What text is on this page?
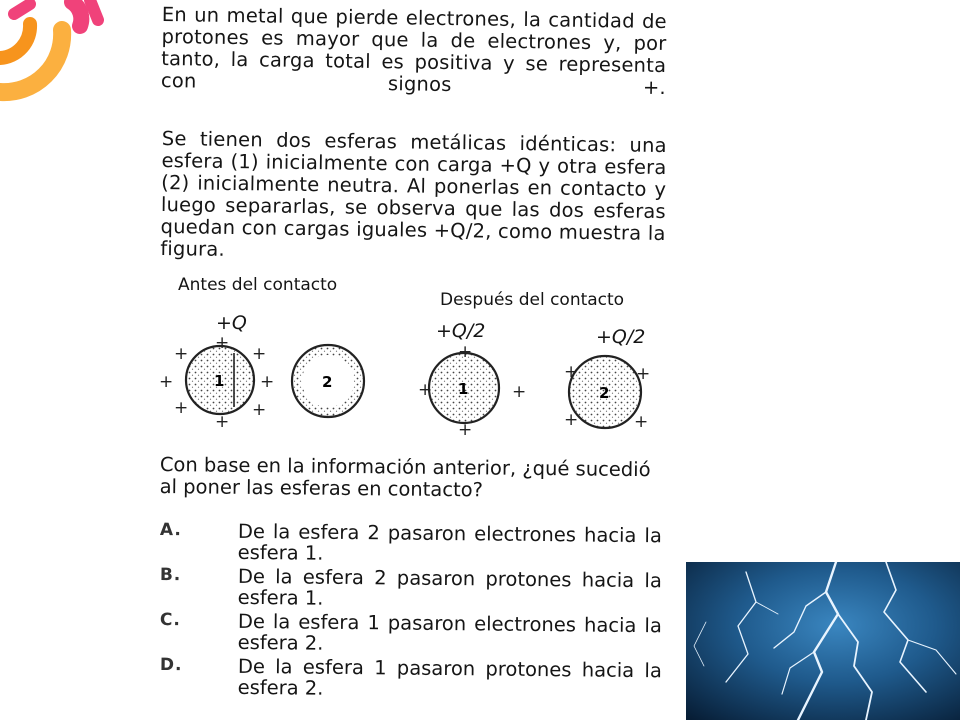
En un metal que pierde electrones, la cantidad de protones es mayor que la de electrones y, por tanto, la carga total es positiva y se representa con signos +.

Se tienen dos esferas metálicas idénticas: una esfera (1) inicialmente con carga +Q y otra esfera (2) inicialmente neutra. Al ponerlas en contacto y luego separarlas, se observa que las dos esferas quedan con cargas iguales +Q/2, como muestra la figura.

Antes del contacto
Después del contacto
+Q	+Q/2	+Q/2
1
+
+	+
+	+
+	+
+
2	1
+
+	+
+
2
+	+
+	+

Con base en la información anterior, ¿qué sucedió al poner las esferas en contacto?

A.	De la esfera 2 pasaron electrones hacia la esfera 1.

B.	De la esfera 2 pasaron protones hacia la esfera 1.

C.	De la esfera 1 pasaron electrones hacia la esfera 2.

D.	De la esfera 1 pasaron protones hacia la esfera 2.
